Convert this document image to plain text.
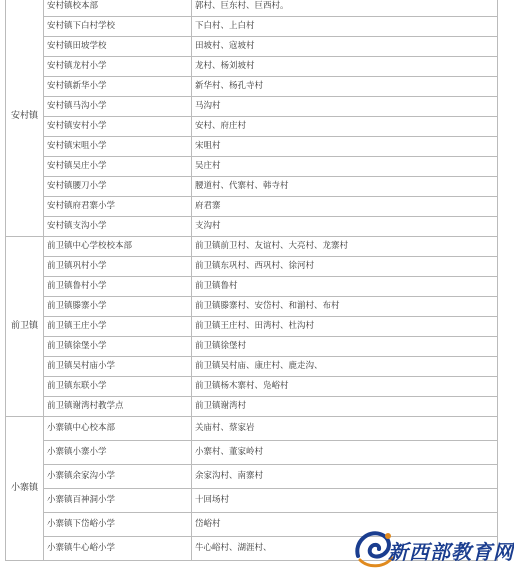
安村镇	安村镇校本部	郭村、巨东村、巨西村。
	安村镇下白村学校	下白村、上白村
	安村镇田坡学校	田坡村、寇坡村
	安村镇龙村小学	龙村、杨刘坡村
	安村镇新华小学	新华村、杨孔寺村
	安村镇马沟小学	马沟村
	安村镇安村小学	安村、府庄村
	安村镇宋咀小学	宋咀村
	安村镇吴庄小学	吴庄村
	安村镇腰刀小学	腰道村、代寨村、韩寺村
	安村镇府君寨小学	府君寨
	安村镇支沟小学	支沟村
前卫镇	前卫镇中心学校校本部	前卫镇前卫村、友谊村、大亮村、龙寨村
	前卫镇巩村小学	前卫镇东巩村、西巩村、徐河村
	前卫镇鲁村小学	前卫镇鲁村
	前卫镇滕寨小学	前卫镇滕寨村、安岱村、和湔村、布村
	前卫镇王庄小学	前卫镇王庄村、田湾村、杜沟村
	前卫镇徐堡小学	前卫镇徐堡村
	前卫镇吴村庙小学	前卫镇吴村庙、康庄村、鹿走沟、
	前卫镇东联小学	前卫镇杨木寨村、凫峪村
	前卫镇谢湾村教学点	前卫镇谢湾村
小寨镇	小寨镇中心校本部	关庙村、蔡家岩
	小寨镇小寨小学	小寨村、董家岭村
	小寨镇余家沟小学	余家沟村、南寨村
	小寨镇百神洞小学	十回场村
	小寨镇下岱峪小学	岱峪村
	小寨镇牛心峪小学	牛心峪村、湖涯村、	新西部教育网
